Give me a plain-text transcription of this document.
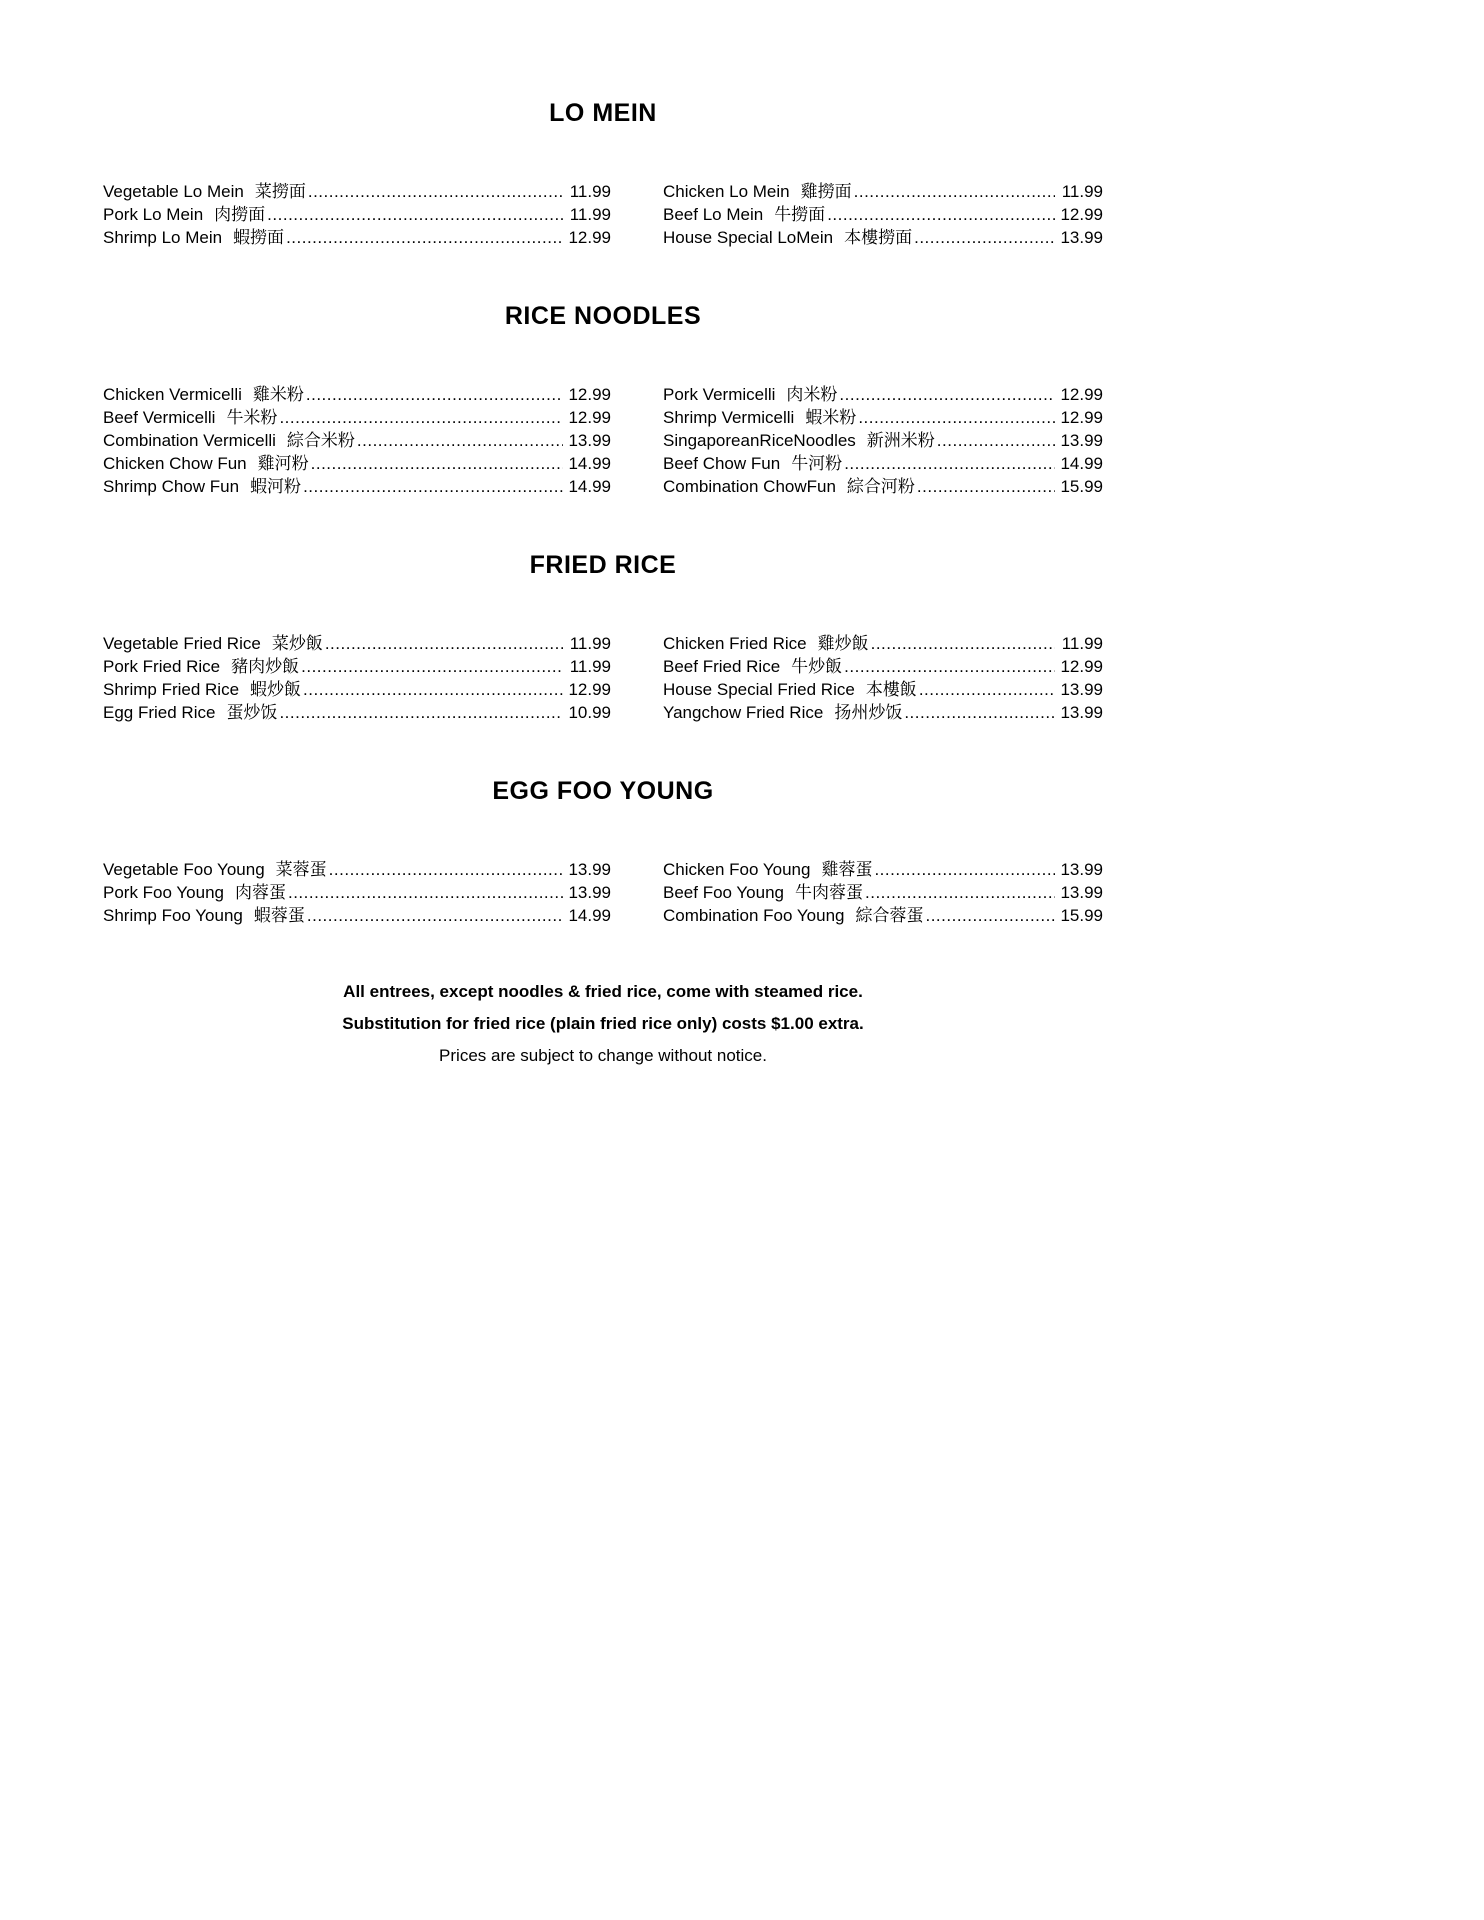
LO MEIN
Vegetable Lo Mein 菜撈面 .....	11.99
Pork Lo Mein 肉撈面 .....	11.99
Shrimp Lo Mein 蝦撈面 .....	12.99
Chicken Lo Mein 雞撈面 .....	11.99
Beef Lo Mein 牛撈面 .....	12.99
House Special LoMein 本樓撈面 .....	13.99
RICE NOODLES
Chicken Vermicelli 雞米粉 .....	12.99
Beef Vermicelli 牛米粉 .....	12.99
Combination Vermicelli 綜合米粉 .....	13.99
Chicken Chow Fun 雞河粉 .....	14.99
Shrimp Chow Fun 蝦河粉 .....	14.99
Pork Vermicelli 肉米粉 .....	12.99
Shrimp Vermicelli 蝦米粉 .....	12.99
SingaporeanRiceNoodles 新洲米粉 .....	13.99
Beef Chow Fun 牛河粉 .....	14.99
Combination ChowFun 綜合河粉 .....	15.99
FRIED RICE
Vegetable Fried Rice 菜炒飯 .....	11.99
Pork Fried Rice 豬肉炒飯 .....	11.99
Shrimp Fried Rice 蝦炒飯 .....	12.99
Egg Fried Rice 蛋炒饭 .....	10.99
Chicken Fried Rice 雞炒飯 .....	11.99
Beef Fried Rice 牛炒飯 .....	12.99
House Special Fried Rice 本樓飯 .....	13.99
Yangchow Fried Rice 扬州炒饭 .....	13.99
EGG FOO YOUNG
Vegetable Foo Young 菜蓉蛋 .....	13.99
Pork Foo Young 肉蓉蛋 .....	13.99
Shrimp Foo Young 蝦蓉蛋 .....	14.99
Chicken Foo Young 雞蓉蛋 .....	13.99
Beef Foo Young 牛肉蓉蛋 .....	13.99
Combination Foo Young 綜合蓉蛋 .....	15.99

All entrees, except noodles & fried rice, come with steamed rice.

Substitution for fried rice (plain fried rice only) costs $1.00 extra.

Prices are subject to change without notice.
